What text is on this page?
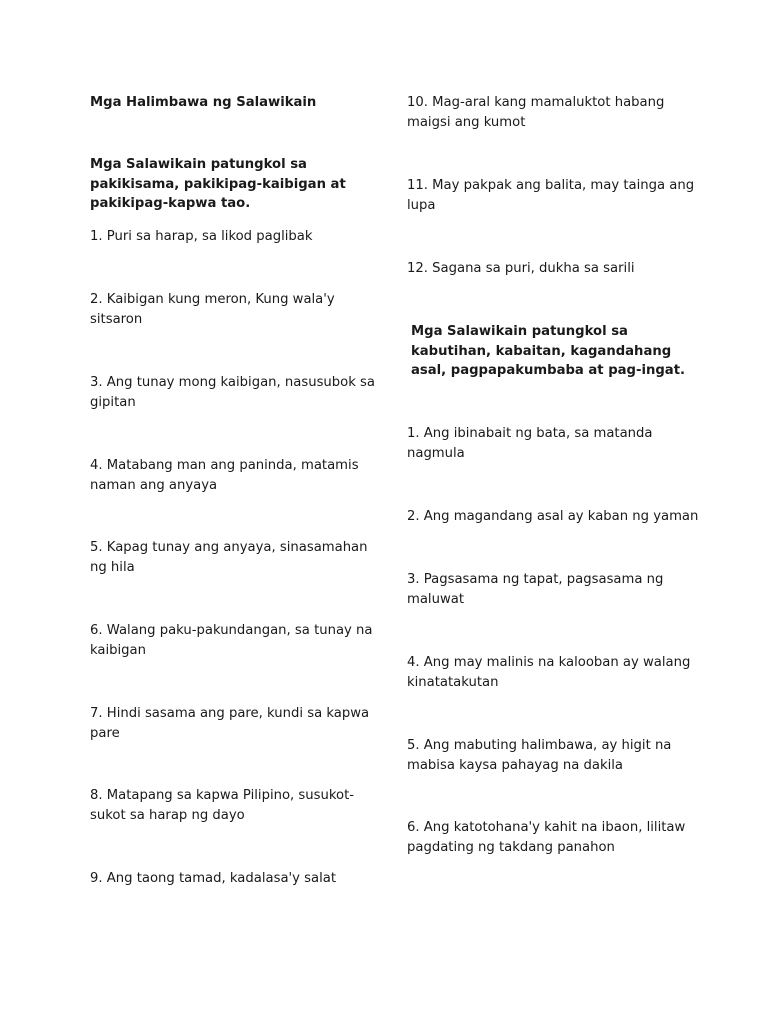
Mga Halimbawa ng Salawikain

Mga Salawikain patungkol sa pakikisama, pakikipag-kaibigan at pakikipag-kapwa tao.

1. Puri sa harap, sa likod paglibak

2. Kaibigan kung meron, Kung wala'y sitsaron

3. Ang tunay mong kaibigan, nasusubok sa gipitan

4. Matabang man ang paninda, matamis naman ang anyaya

5. Kapag tunay ang anyaya, sinasamahan ng hila

6. Walang paku-pakundangan, sa tunay na kaibigan

7. Hindi sasama ang pare, kundi sa kapwa pare

8. Matapang sa kapwa Pilipino, susukot-sukot sa harap ng dayo

9. Ang taong tamad, kadalasa'y salat

10. Mag-aral kang mamaluktot habang maigsi ang kumot

11. May pakpak ang balita, may tainga ang lupa

12. Sagana sa puri, dukha sa sarili

Mga Salawikain patungkol sa kabutihan, kabaitan, kagandahang asal, pagpapakumbaba at pag-ingat.

1. Ang ibinabait ng bata, sa matanda nagmula

2. Ang magandang asal ay kaban ng yaman

3. Pagsasama ng tapat, pagsasama ng maluwat

4. Ang may malinis na kalooban ay walang kinatatakutan

5. Ang mabuting halimbawa, ay higit na mabisa kaysa pahayag na dakila

6. Ang katotohana'y kahit na ibaon, lilitaw pagdating ng takdang panahon
